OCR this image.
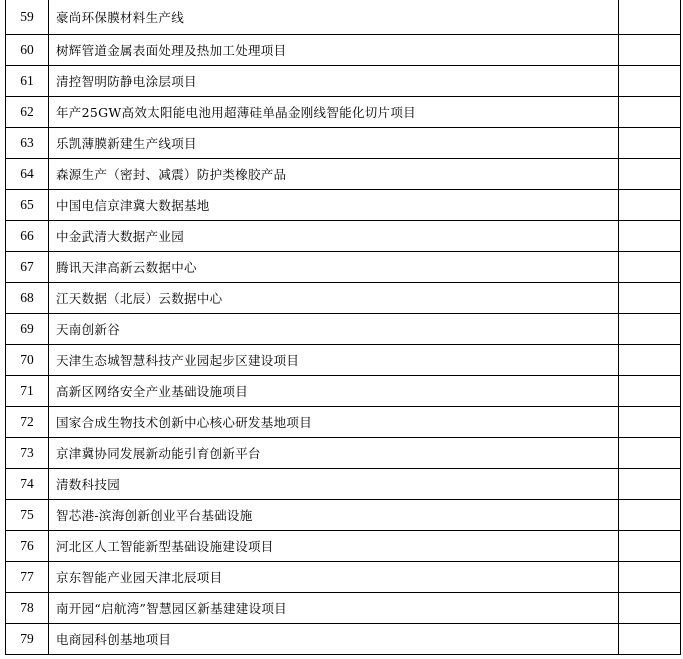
59	豪尚环保膜材料生产线	
60	树辉管道金属表面处理及热加工处理项目	
61	清控智明防静电涂层项目	
62	年产25GW高效太阳能电池用超薄硅单晶金刚线智能化切片项目	
63	乐凯薄膜新建生产线项目	
64	森源生产（密封、减震）防护类橡胶产品	
65	中国电信京津冀大数据基地	
66	中金武清大数据产业园	
67	腾讯天津高新云数据中心	
68	江天数据（北辰）云数据中心	
69	天南创新谷	
70	天津生态城智慧科技产业园起步区建设项目	
71	高新区网络安全产业基础设施项目	
72	国家合成生物技术创新中心核心研发基地项目	
73	京津冀协同发展新动能引育创新平台	
74	清数科技园	
75	智芯港-滨海创新创业平台基础设施	
76	河北区人工智能新型基础设施建设项目	
77	京东智能产业园天津北辰项目	
78	南开园“启航湾”智慧园区新基建建设项目	
79	电商园科创基地项目	
